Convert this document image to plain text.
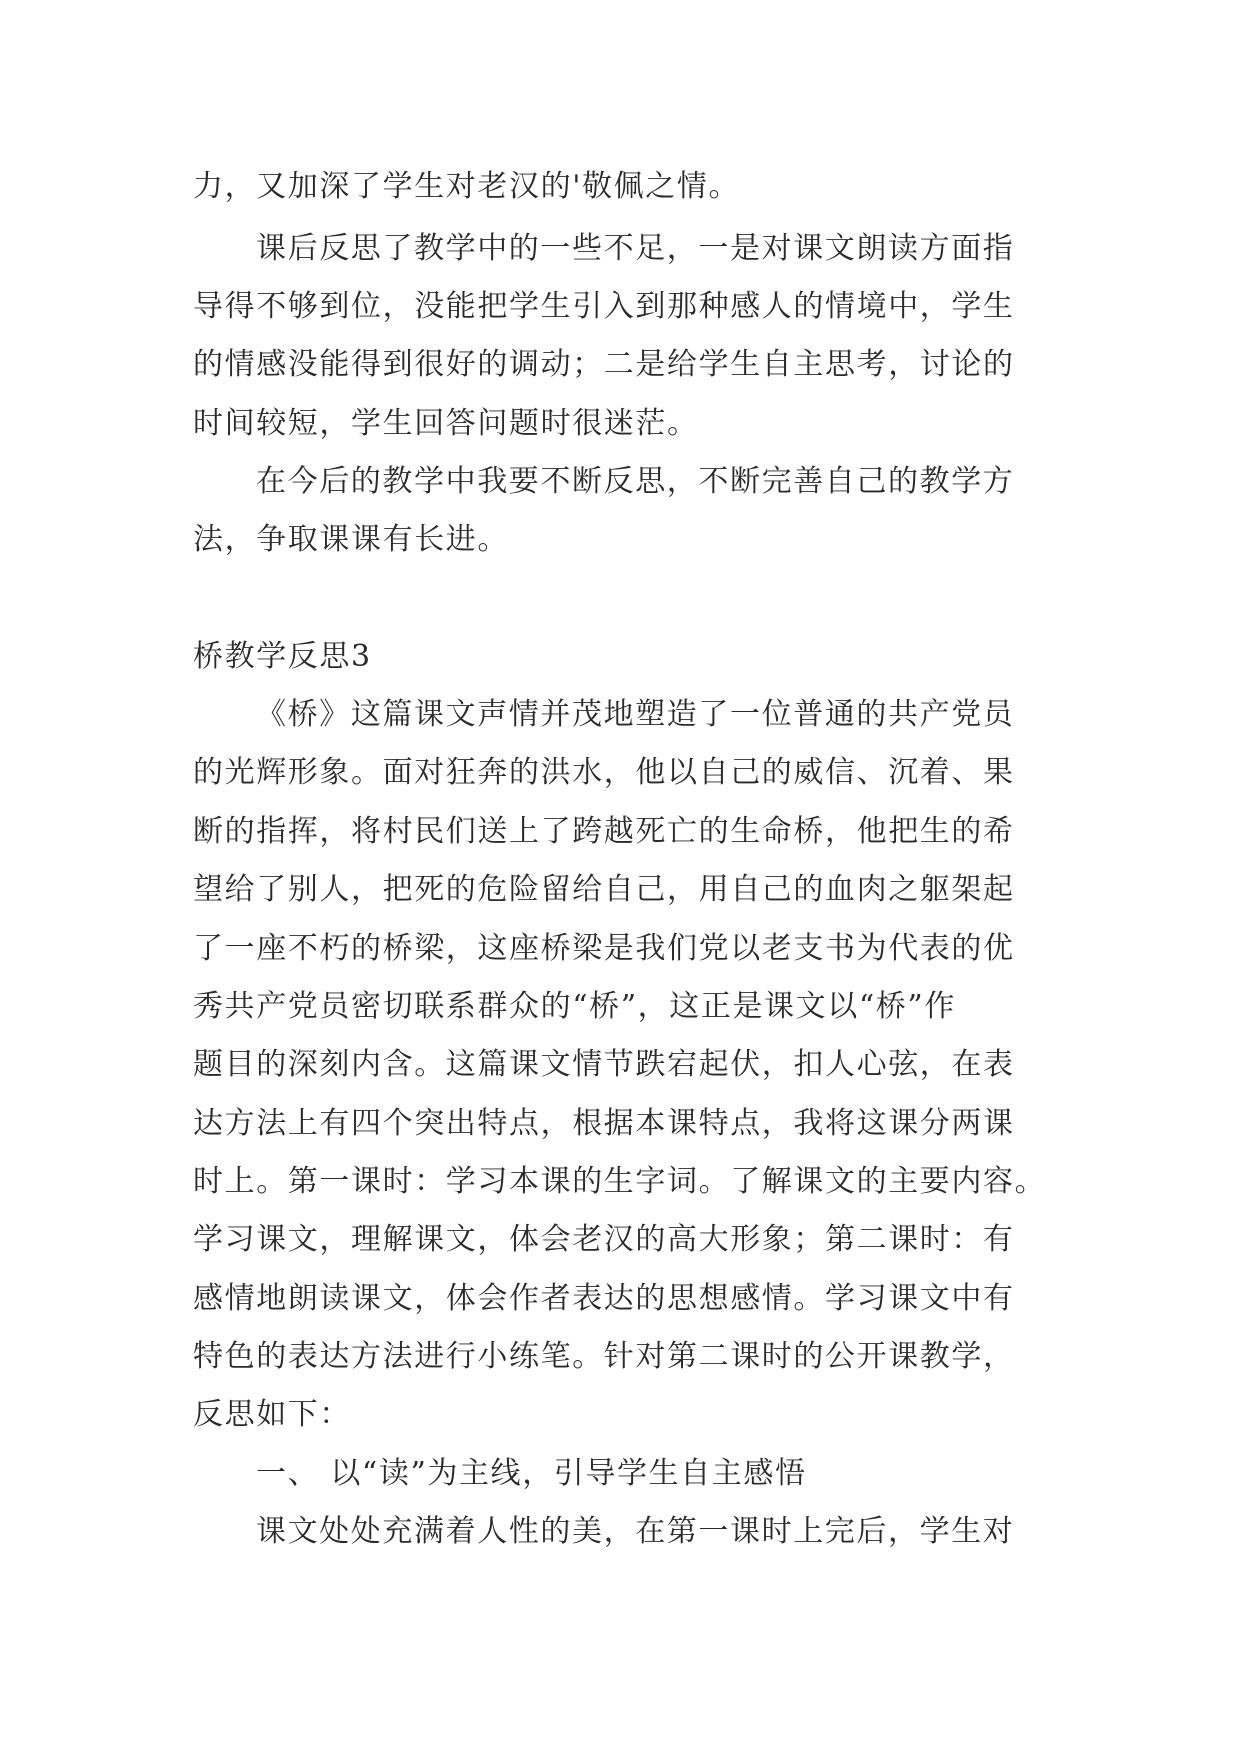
力，又加深了学生对老汉的'敬佩之情。
课后反思了教学中的一些不足，一是对课文朗读方面指
导得不够到位，没能把学生引入到那种感人的情境中，学生
的情感没能得到很好的调动；二是给学生自主思考，讨论的
时间较短，学生回答问题时很迷茫。
在今后的教学中我要不断反思，不断完善自己的教学方
法，争取课课有长进。
桥教学反思3
《桥》这篇课文声情并茂地塑造了一位普通的共产党员
的光辉形象。面对狂奔的洪水，他以自己的威信、沉着、果
断的指挥，将村民们送上了跨越死亡的生命桥，他把生的希
望给了别人，把死的危险留给自己，用自己的血肉之躯架起
了一座不朽的桥梁，这座桥梁是我们党以老支书为代表的优
秀共产党员密切联系群众的“桥”，这正是课文以“桥”作
题目的深刻内含。这篇课文情节跌宕起伏，扣人心弦，在表
达方法上有四个突出特点，根据本课特点，我将这课分两课
时上。第一课时：学习本课的生字词。了解课文的主要内容。
学习课文，理解课文，体会老汉的高大形象；第二课时：有
感情地朗读课文，体会作者表达的思想感情。学习课文中有
特色的表达方法进行小练笔。针对第二课时的公开课教学，
反思如下：
一、 以“读”为主线，引导学生自主感悟
课文处处充满着人性的美，在第一课时上完后，学生对
